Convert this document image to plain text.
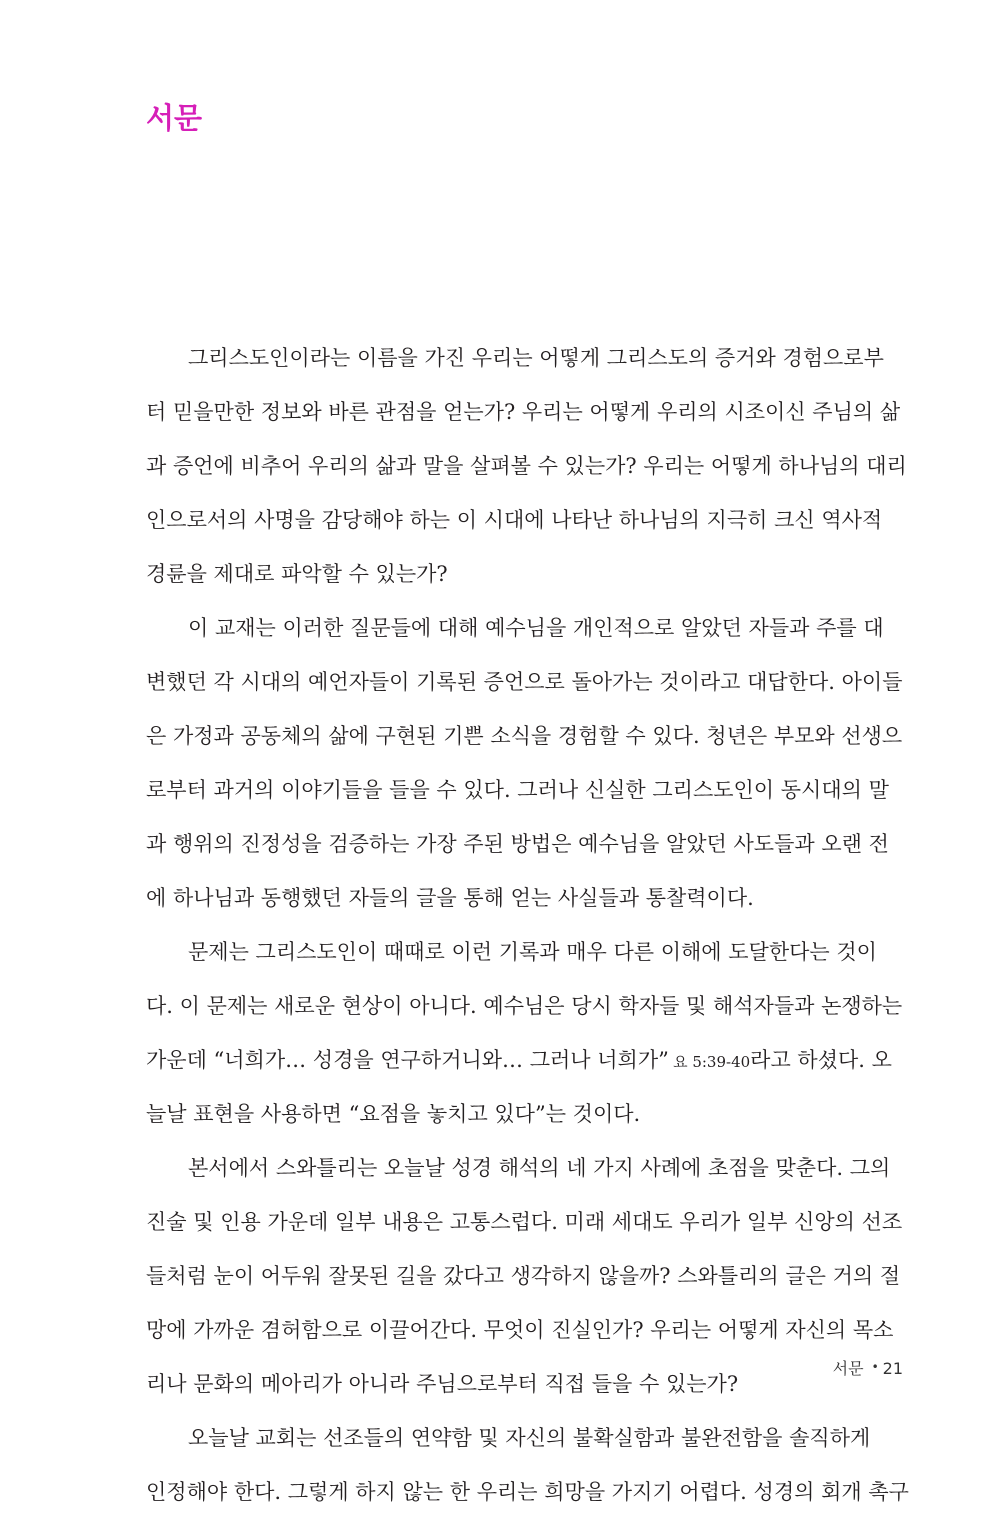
서문
그리스도인이라는 이름을 가진 우리는 어떻게 그리스도의 증거와 경험으로부
터 믿을만한 정보와 바른 관점을 얻는가? 우리는 어떻게 우리의 시조이신 주님의 삶
과 증언에 비추어 우리의 삶과 말을 살펴볼 수 있는가? 우리는 어떻게 하나님의 대리
인으로서의 사명을 감당해야 하는 이 시대에 나타난 하나님의 지극히 크신 역사적
경륜을 제대로 파악할 수 있는가?
이 교재는 이러한 질문들에 대해 예수님을 개인적으로 알았던 자들과 주를 대
변했던 각 시대의 예언자들이 기록된 증언으로 돌아가는 것이라고 대답한다. 아이들
은 가정과 공동체의 삶에 구현된 기쁜 소식을 경험할 수 있다. 청년은 부모와 선생으
로부터 과거의 이야기들을 들을 수 있다. 그러나 신실한 그리스도인이 동시대의 말
과 행위의 진정성을 검증하는 가장 주된 방법은 예수님을 알았던 사도들과 오랜 전
에 하나님과 동행했던 자들의 글을 통해 얻는 사실들과 통찰력이다.
문제는 그리스도인이 때때로 이런 기록과 매우 다른 이해에 도달한다는 것이
다. 이 문제는 새로운 현상이 아니다. 예수님은 당시 학자들 및 해석자들과 논쟁하는
가운데 “너희가… 성경을 연구하거니와… 그러나 너희가”  요 5:39-40라고 하셨다. 오
늘날 표현을 사용하면 “요점을 놓치고 있다”는 것이다.
본서에서 스와틀리는 오늘날 성경 해석의 네 가지 사례에 초점을 맞춘다. 그의
진술 및 인용 가운데 일부 내용은 고통스럽다. 미래 세대도 우리가 일부 신앙의 선조
들처럼 눈이 어두워 잘못된 길을 갔다고 생각하지 않을까? 스와틀리의 글은 거의 절
망에 가까운 겸허함으로 이끌어간다. 무엇이 진실인가? 우리는 어떻게 자신의 목소
리나 문화의 메아리가 아니라 주님으로부터 직접 들을 수 있는가?
오늘날 교회는 선조들의 연약함 및 자신의 불확실함과 불완전함을 솔직하게
인정해야 한다. 그렇게 하지 않는 한 우리는 희망을 가지기 어렵다. 성경의 회개 촉구
서문 • 21
